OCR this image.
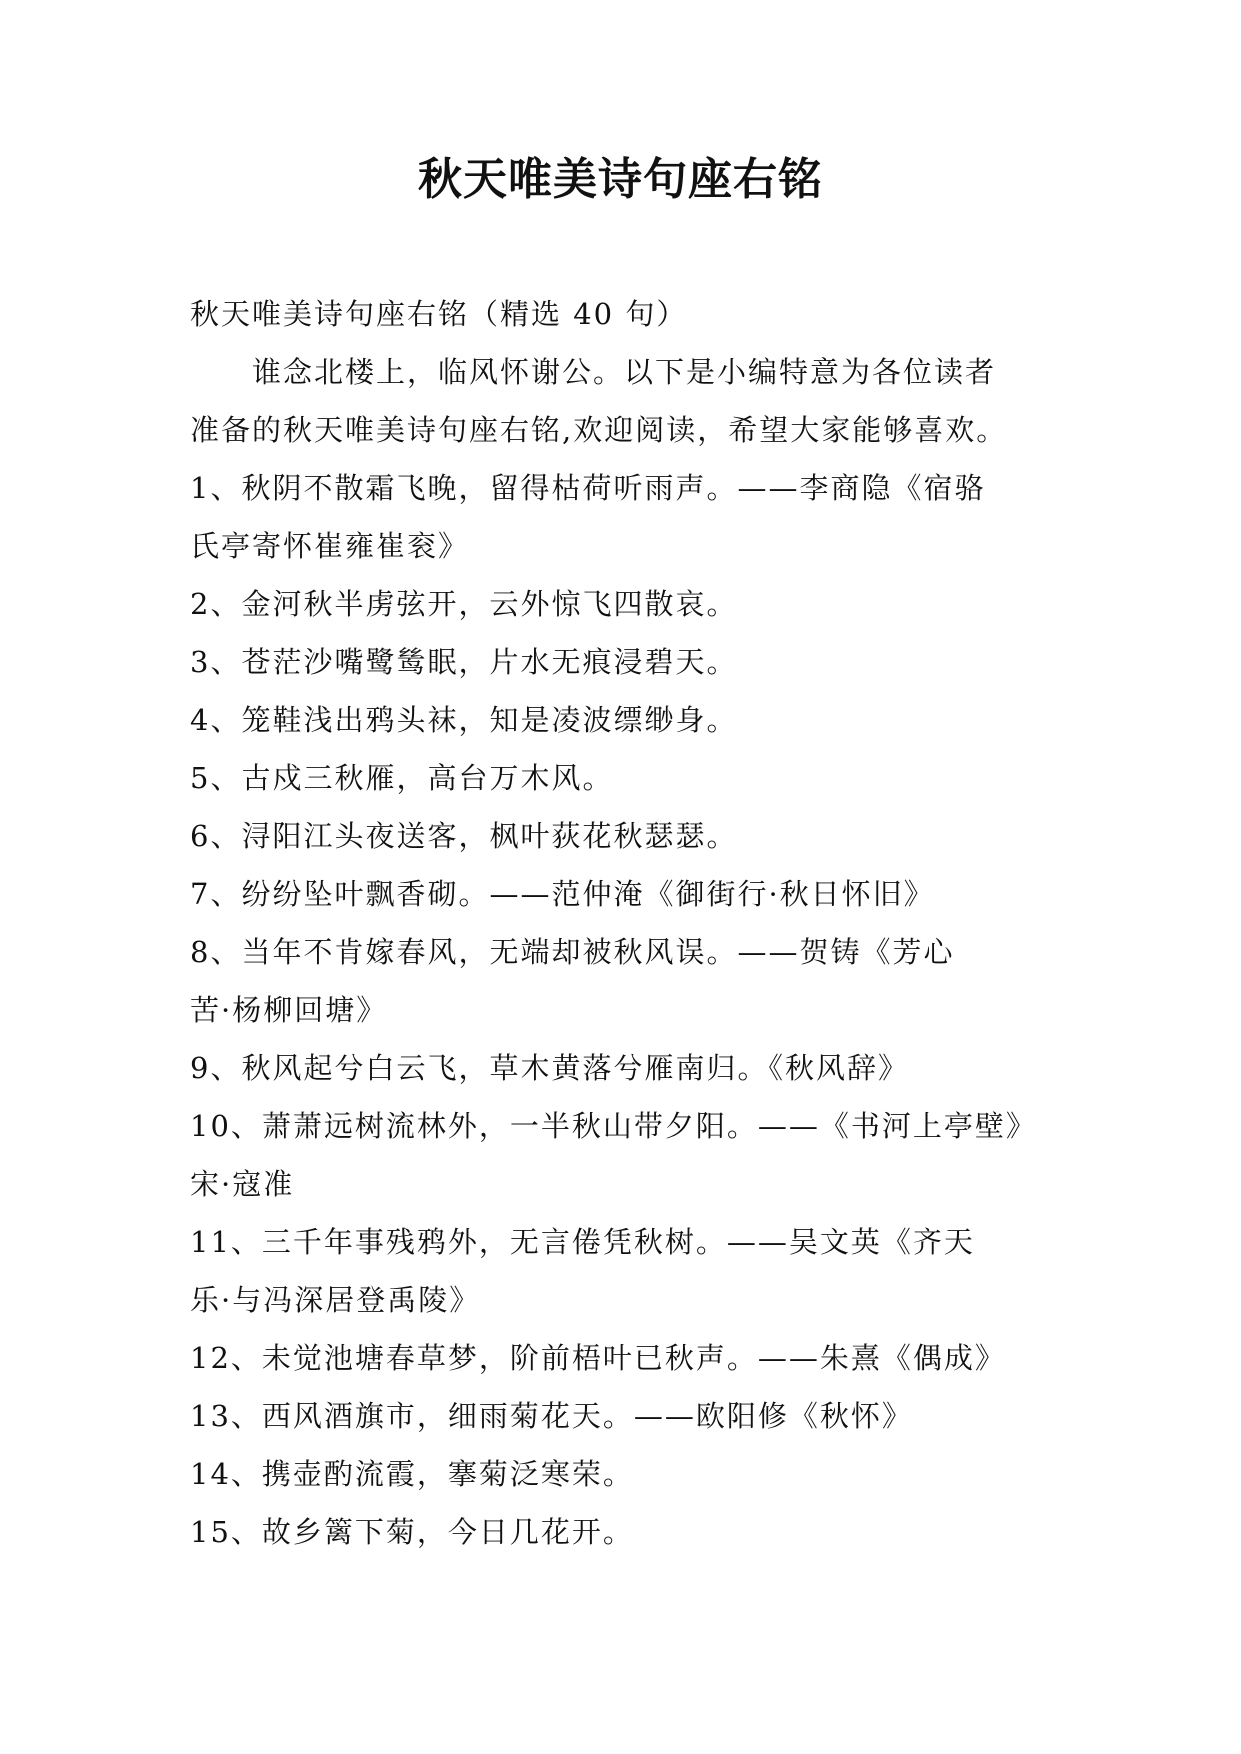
秋天唯美诗句座右铭

秋天唯美诗句座右铭（精选 40 句）

谁念北楼上，临风怀谢公。以下是小编特意为各位读者

准备的秋天唯美诗句座右铭,欢迎阅读，希望大家能够喜欢。

1、秋阴不散霜飞晚，留得枯荷听雨声。——李商隐《宿骆

氏亭寄怀崔雍崔衮》

2、金河秋半虏弦开，云外惊飞四散哀。

3、苍茫沙嘴鹭鸶眠，片水无痕浸碧天。

4、笼鞋浅出鸦头袜，知是凌波缥缈身。

5、古戍三秋雁，高台万木风。

6、浔阳江头夜送客，枫叶荻花秋瑟瑟。

7、纷纷坠叶飘香砌。——范仲淹《御街行·秋日怀旧》

8、当年不肯嫁春风，无端却被秋风误。——贺铸《芳心

苦·杨柳回塘》

9、秋风起兮白云飞，草木黄落兮雁南归。《秋风辞》

10、萧萧远树流林外，一半秋山带夕阳。——《书河上亭壁》

宋·寇准

11、三千年事残鸦外，无言倦凭秋树。——吴文英《齐天

乐·与冯深居登禹陵》

12、未觉池塘春草梦，阶前梧叶已秋声。——朱熹《偶成》

13、西风酒旗市，细雨菊花天。——欧阳修《秋怀》

14、携壶酌流霞，搴菊泛寒荣。

15、故乡篱下菊，今日几花开。
